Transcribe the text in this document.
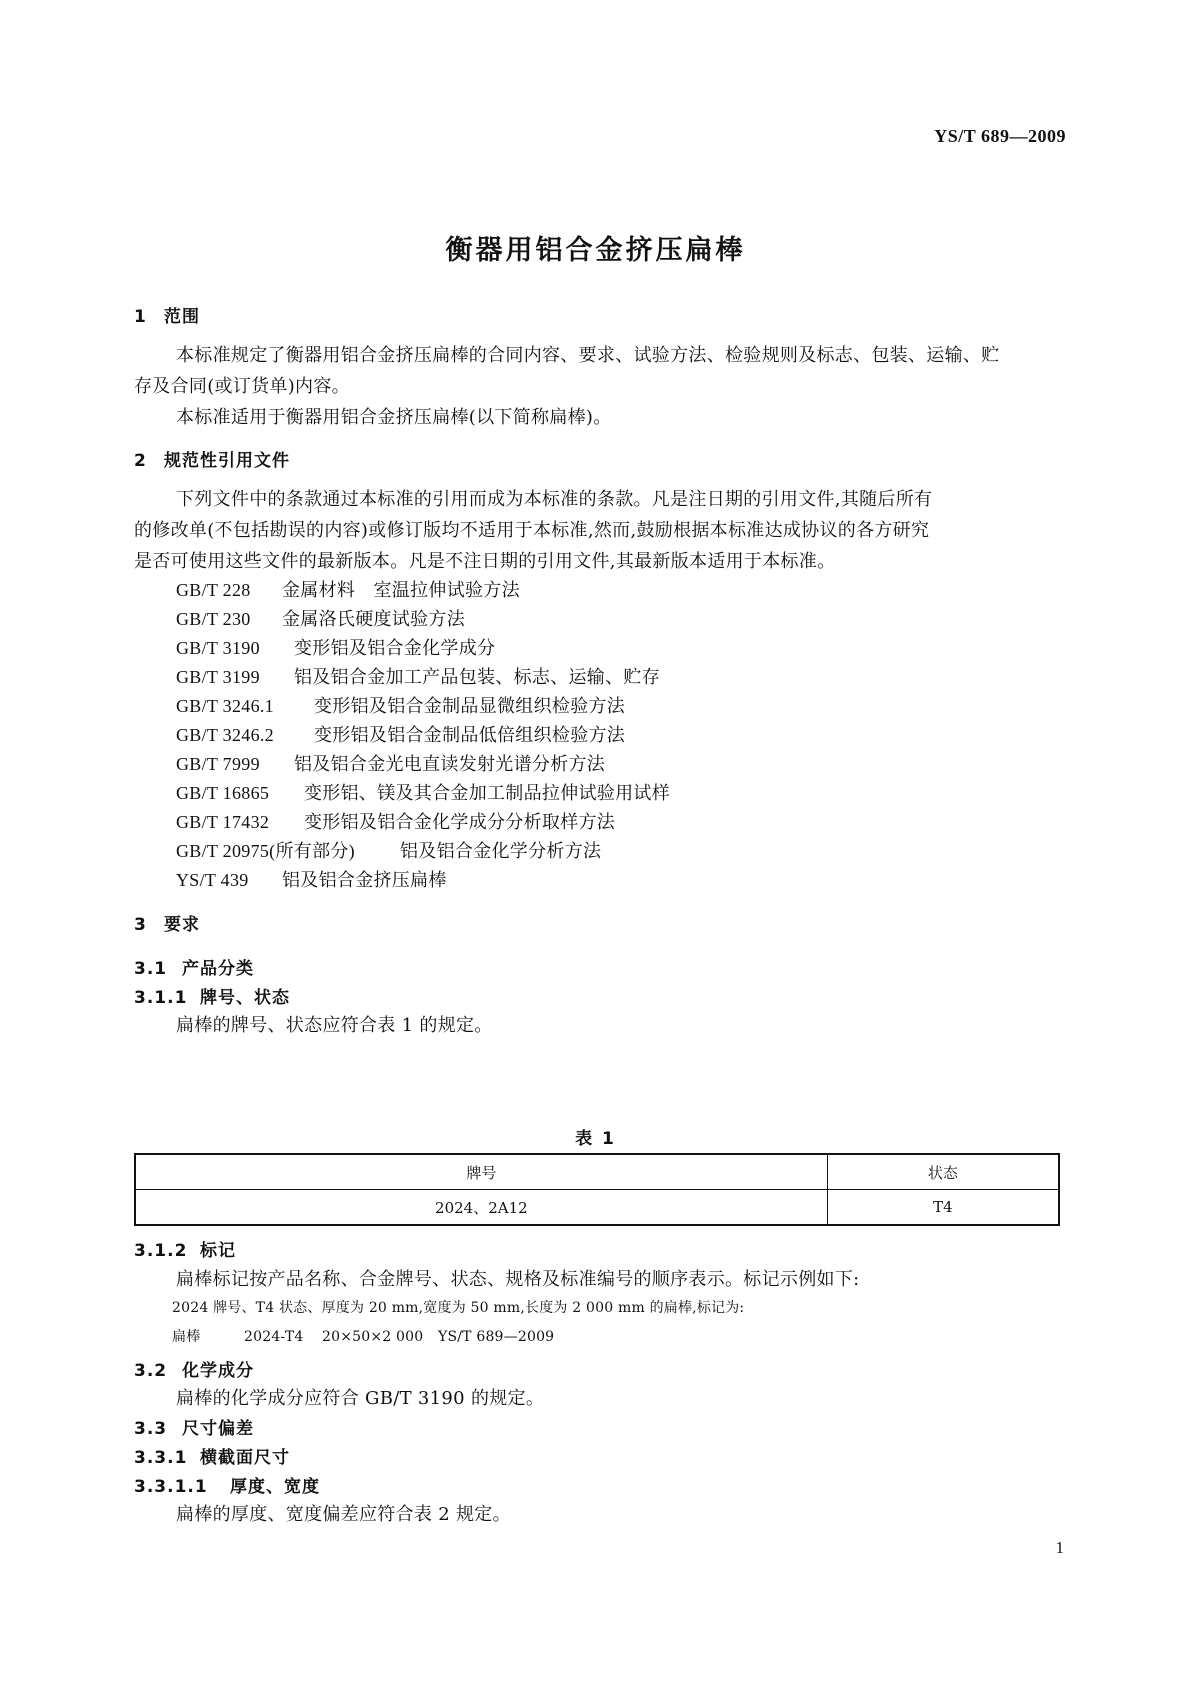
YS/T 689—2009
衡器用铝合金挤压扁棒
1 范围

本标准规定了衡器用铝合金挤压扁棒的合同内容、要求、试验方法、检验规则及标志、包装、运输、贮

存及合同(或订货单)内容。

本标准适用于衡器用铝合金挤压扁棒(以下简称扁棒)。

2 规范性引用文件

下列文件中的条款通过本标准的引用而成为本标准的条款。凡是注日期的引用文件,其随后所有

的修改单(不包括勘误的内容)或修订版均不适用于本标准,然而,鼓励根据本标准达成协议的各方研究

是否可使用这些文件的最新版本。凡是不注日期的引用文件,其最新版本适用于本标准。

GB/T 228 金属材料　室温拉伸试验方法
GB/T 230 金属洛氏硬度试验方法
GB/T 3190 变形铝及铝合金化学成分
GB/T 3199 铝及铝合金加工产品包装、标志、运输、贮存
GB/T 3246.1 变形铝及铝合金制品显微组织检验方法
GB/T 3246.2 变形铝及铝合金制品低倍组织检验方法
GB/T 7999 铝及铝合金光电直读发射光谱分析方法
GB/T 16865 变形铝、镁及其合金加工制品拉伸试验用试样
GB/T 17432 变形铝及铝合金化学成分分析取样方法
GB/T 20975(所有部分)	铝及铝合金化学分析方法
YS/T 439 铝及铝合金挤压扁棒
3 要求
3.1 产品分类
3.1.1 牌号、状态
扁棒的牌号、状态应符合表 1 的规定。
表 1
牌号	状态
2024、2A12	T4
3.1.2 标记
扁棒标记按产品名称、合金牌号、状态、规格及标准编号的顺序表示。标记示例如下:
2024 牌号、T4 状态、厚度为 20 mm,宽度为 50 mm,长度为 2 000 mm 的扁棒,标记为:
扁棒	2024-T4 20×50×2 000 YS/T 689—2009
3.2 化学成分
扁棒的化学成分应符合 GB/T 3190 的规定。
3.3 尺寸偏差
3.3.1 横截面尺寸
3.3.1.1 厚度、宽度
扁棒的厚度、宽度偏差应符合表 2 规定。
1
